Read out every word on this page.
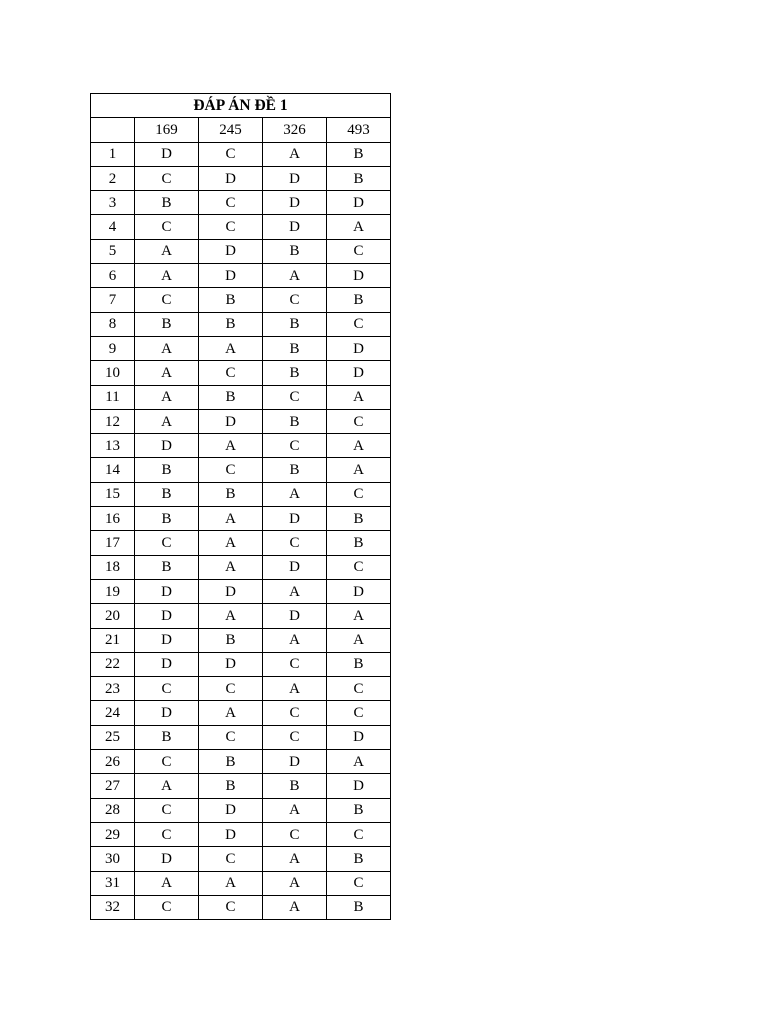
ĐÁP ÁN ĐỀ 1				
	169	245	326	493
1	D	C	A	B
2	C	D	D	B
3	B	C	D	D
4	C	C	D	A
5	A	D	B	C
6	A	D	A	D
7	C	B	C	B
8	B	B	B	C
9	A	A	B	D
10	A	C	B	D
11	A	B	C	A
12	A	D	B	C
13	D	A	C	A
14	B	C	B	A
15	B	B	A	C
16	B	A	D	B
17	C	A	C	B
18	B	A	D	C
19	D	D	A	D
20	D	A	D	A
21	D	B	A	A
22	D	D	C	B
23	C	C	A	C
24	D	A	C	C
25	B	C	C	D
26	C	B	D	A
27	A	B	B	D
28	C	D	A	B
29	C	D	C	C
30	D	C	A	B
31	A	A	A	C
32	C	C	A	B
